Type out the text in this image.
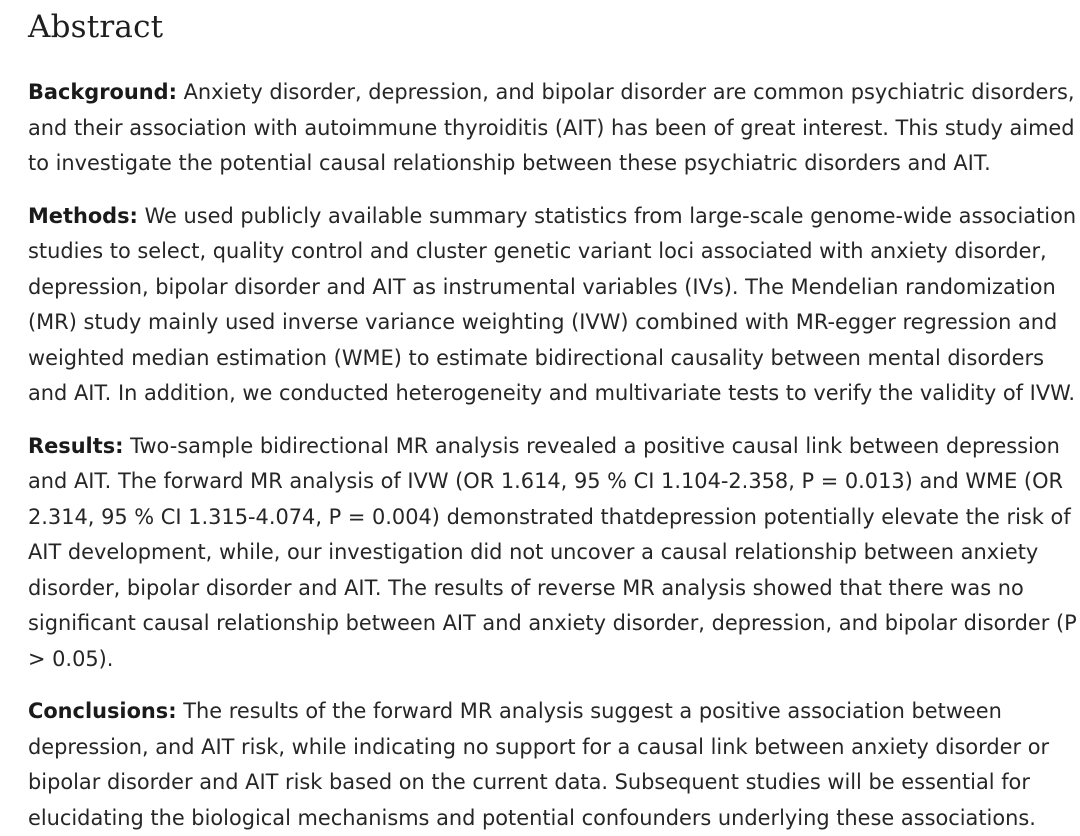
Abstract

Background: Anxiety disorder, depression, and bipolar disorder are common psychiatric disorders, and their association with autoimmune thyroiditis (AIT) has been of great interest. This study aimed to investigate the potential causal relationship between these psychiatric disorders and AIT.

Methods: We used publicly available summary statistics from large-scale genome-wide association studies to select, quality control and cluster genetic variant loci associated with anxiety disorder, depression, bipolar disorder and AIT as instrumental variables (IVs). The Mendelian randomization (MR) study mainly used inverse variance weighting (IVW) combined with MR-egger regression and weighted median estimation (WME) to estimate bidirectional causality between mental disorders and AIT. In addition, we conducted heterogeneity and multivariate tests to verify the validity of IVW.

Results: Two-sample bidirectional MR analysis revealed a positive causal link between depression and AIT. The forward MR analysis of IVW (OR 1.614, 95 % CI 1.104-2.358, P = 0.013) and WME (OR 2.314, 95 % CI 1.315-4.074, P = 0.004) demonstrated thatdepression potentially elevate the risk of AIT development, while, our investigation did not uncover a causal relationship between anxiety disorder, bipolar disorder and AIT. The results of reverse MR analysis showed that there was no significant causal relationship between AIT and anxiety disorder, depression, and bipolar disorder (P > 0.05).

Conclusions: The results of the forward MR analysis suggest a positive association between depression, and AIT risk, while indicating no support for a causal link between anxiety disorder or bipolar disorder and AIT risk based on the current data. Subsequent studies will be essential for elucidating the biological mechanisms and potential confounders underlying these associations.
